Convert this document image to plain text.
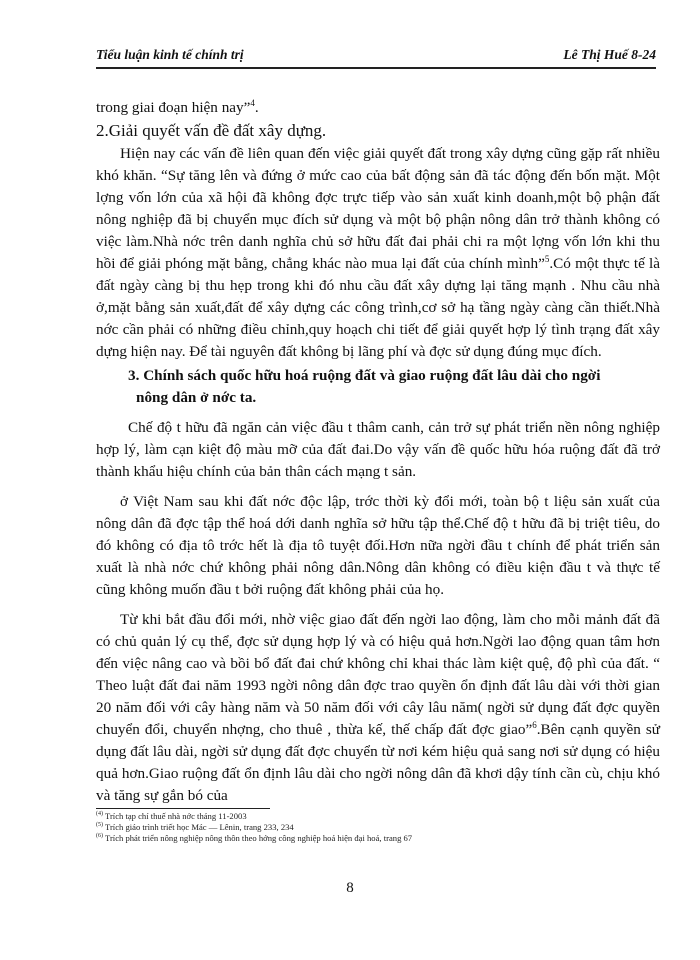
Tiểu luận kinh tế chính trị	Lê Thị Huế 8-24

trong giai đoạn hiện nay”$^4$.

2.Giải quyết vấn đề đất xây dựng.

Hiện nay các vấn đề liên quan đến việc giải quyết đất trong xây dựng cũng gặp rất nhiều khó khăn. “Sự tăng lên và đứng ở mức cao của bất động sản đã tác động đến bốn mặt. Một lợng vốn lớn của xã hội đã không đợc trực tiếp vào sản xuất kinh doanh,một bộ phận đất nông nghiệp đã bị chuyển mục đích sử dụng và một bộ phận nông dân trở thành không có việc làm.Nhà nớc trên danh nghĩa chủ sở hữu đất đai phải chi ra một lợng vốn lớn khi thu hồi để giải phóng mặt bằng, chẳng khác nào mua lại đất của chính mình”$^5$.Có một thực tế là đất ngày càng bị thu hẹp trong khi đó nhu cầu đất xây dựng lại tăng mạnh . Nhu cầu nhà ở,mặt bằng sản xuất,đất để xây dựng các công trình,cơ sở hạ tầng ngày càng cần thiết.Nhà nớc cần phải có những điều chỉnh,quy hoạch chi tiết để giải quyết hợp lý tình trạng đất xây dựng hiện nay. Để tài nguyên đất không bị lãng phí và đợc sử dụng đúng mục đích.

3. Chính sách quốc hữu hoá ruộng đất và giao ruộng đất lâu dài cho ngời

nông dân ở nớc ta.

Chế độ t hữu đã ngăn cản việc đầu t thâm canh, cản trở sự phát triển nền nông nghiệp hợp lý, làm cạn kiệt độ màu mỡ của đất đai.Do vậy vấn đề quốc hữu hóa ruộng đất đã trở thành khẩu hiệu chính của bản thân cách mạng t sản.

ở Việt Nam sau khi đất nớc độc lập, trớc thời kỳ đổi mới, toàn bộ t liệu sản xuất của nông dân đã đợc tập thể hoá dới danh nghĩa sở hữu tập thể.Chế độ t hữu đã bị triệt tiêu, do đó không có địa tô trớc hết là địa tô tuyệt đối.Hơn nữa ngời đầu t chính để phát triển sản xuất là nhà nớc chứ không phải nông dân.Nông dân không có điều kiện đầu t và thực tế cũng không muốn đầu t bởi ruộng đất không phải của họ.

Từ khi bắt đầu đổi mới, nhờ việc giao đất đến ngời lao động, làm cho mỗi mảnh đất đã có chủ quản lý cụ thể, đợc sử dụng hợp lý và có hiệu quả hơn.Ngời lao động quan tâm hơn đến việc nâng cao và bồi bổ đất đai chứ không chỉ khai thác làm kiệt quệ, độ phì của đất. “ Theo luật đất đai năm 1993 ngời nông dân đợc trao quyền ổn định đất lâu dài với thời gian 20 năm đối với cây hàng năm và 50 năm đối với cây lâu năm( ngời sử dụng đất đợc quyền chuyển đổi, chuyển nhợng, cho thuê , thừa kế, thế chấp đất đợc giao”$^6$.Bên cạnh quyền sử dụng đất lâu dài, ngời sử dụng đất đợc chuyển từ nơi kém hiệu quả sang nơi sử dụng có hiệu quả hơn.Giao ruộng đất ổn định lâu dài cho ngời nông dân đã khơi dậy tính cần cù, chịu khó và tăng sự gắn bó của

$^{(4)}$ Trích tạp chí thuế nhà nớc tháng 11-2003
$^{(5)}$ Trích giáo trình triết học Mác — Lênin, trang 233, 234
$^{(6)}$ Trích phát triển nông nghiệp nông thôn theo hớng công nghiệp hoá hiện đại hoá, trang 67
8
